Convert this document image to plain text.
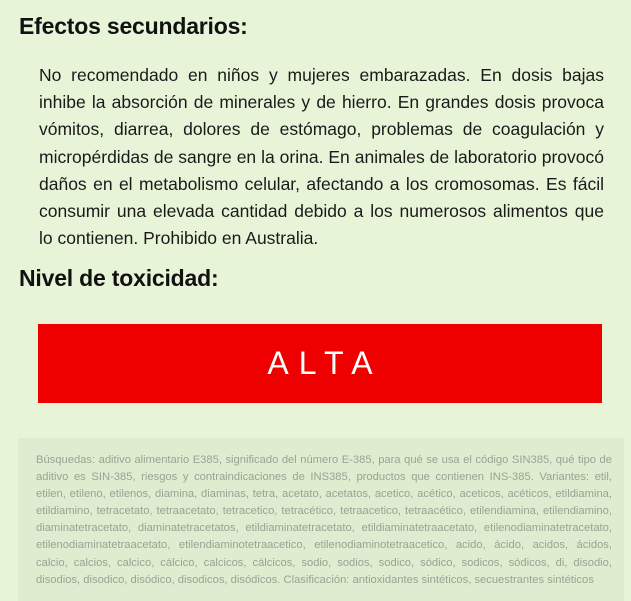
Efectos secundarios:

No recomendado en niños y mujeres embarazadas. En dosis bajas inhibe la absorción de minerales y de hierro. En grandes dosis provoca vómitos, diarrea, dolores de estómago, problemas de coagulación y micropérdidas de sangre en la orina. En animales de laboratorio provocó daños en el metabolismo celular, afectando a los cromosomas. Es fácil consumir una elevada cantidad debido a los numerosos alimentos que lo contienen. Prohibido en Australia.

Nivel de toxicidad:
ALTA

Búsquedas: aditivo alimentario E385, significado del número E-385, para qué se usa el código SIN385, qué tipo de aditivo es SIN-385, riesgos y contraindicaciones de INS385, productos que contienen INS-385. Variantes: etil, etilen, etileno, etilenos, diamina, diaminas, tetra, acetato, acetatos, acetico, acético, aceticos, acéticos, etildiamina, etildiamino, tetracetato, tetraacetato, tetracetico, tetracético, tetraacetico, tetraacético, etilendiamina, etilendiamino, diaminatetracetato, diaminatetracetatos, etildiaminatetracetato, etildiaminatetraacetato, etilenodiaminatetracetato, etilenodiaminatetraacetato, etilendiaminotetraacetico, etilenodiaminotetraacetico, acido, ácido, acidos, ácidos, calcio, calcios, calcico, cálcico, calcicos, cálcicos, sodio, sodios, sodico, sódico, sodicos, sódicos, di, disodio, disodios, disodico, disódico, disodicos, disódicos. Clasificación: antioxidantes sintéticos, secuestrantes sintéticos
